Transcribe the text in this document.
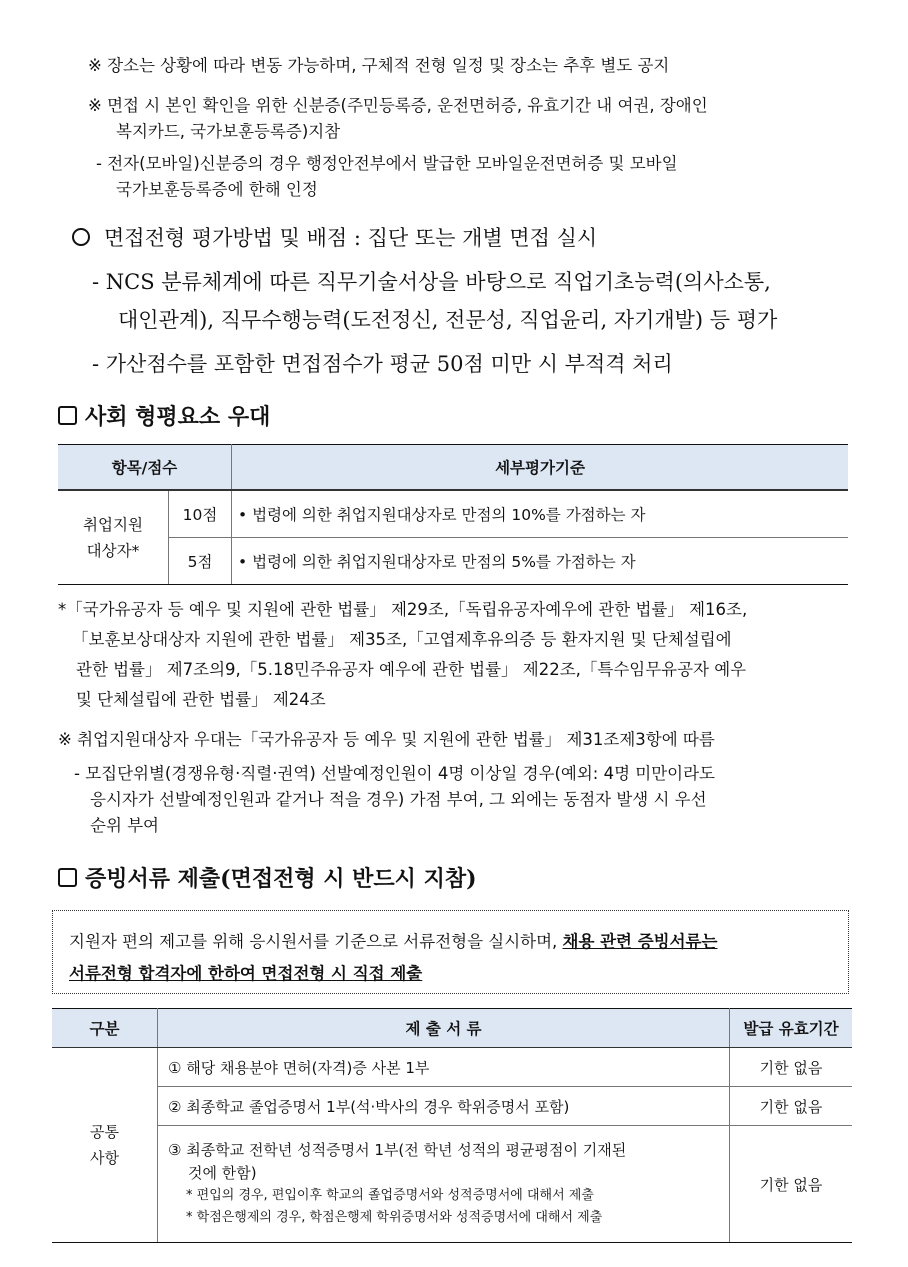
※ 장소는 상황에 따라 변동 가능하며, 구체적 전형 일정 및 장소는 추후 별도 공지
※ 면접 시 본인 확인을 위한 신분증(주민등록증, 운전면허증, 유효기간 내 여권, 장애인
복지카드, 국가보훈등록증)지참
- 전자(모바일)신분증의 경우 행정안전부에서 발급한 모바일운전면허증 및 모바일
국가보훈등록증에 한해 인정
면접전형 평가방법 및 배점 : 집단 또는 개별 면접 실시
- NCS 분류체계에 따른 직무기술서상을 바탕으로 직업기초능력(의사소통,
대인관계), 직무수행능력(도전정신, 전문성, 직업윤리, 자기개발) 등 평가
- 가산점수를 포함한 면접점수가 평균 50점 미만 시 부적격 처리
사회 형평요소 우대
항목/점수		세부평가기준
취업지원
대상자*	10점	• 법령에 의한 취업지원대상자로 만점의 10%를 가점하는 자
	5점	• 법령에 의한 취업지원대상자로 만점의 5%를 가점하는 자
*「국가유공자 등 예우 및 지원에 관한 법률」 제29조,「독립유공자예우에 관한 법률」 제16조,
「보훈보상대상자 지원에 관한 법률」 제35조,「고엽제후유의증 등 환자지원 및 단체설립에
관한 법률」 제7조의9,「5.18민주유공자 예우에 관한 법률」 제22조,「특수임무유공자 예우
및 단체설립에 관한 법률」 제24조
※ 취업지원대상자 우대는「국가유공자 등 예우 및 지원에 관한 법률」 제31조제3항에 따름
- 모집단위별(경쟁유형·직렬·권역) 선발예정인원이 4명 이상일 경우(예외: 4명 미만이라도
응시자가 선발예정인원과 같거나 적을 경우) 가점 부여, 그 외에는 동점자 발생 시 우선
순위 부여
증빙서류 제출(면접전형 시 반드시 지참)
지원자 편의 제고를 위해 응시원서를 기준으로 서류전형을 실시하며, 채용 관련 증빙서류는
서류전형 합격자에 한하여 면접전형 시 직접 제출
구분	제 출 서 류	발급 유효기간
공통
사항	① 해당 채용분야 면허(자격)증 사본 1부	기한 없음
	② 최종학교 졸업증명서 1부(석·박사의 경우 학위증명서 포함)	기한 없음

	③ 최종학교 전학년 성적증명서 1부(전 학년 성적의 평균평점이 기재된
것에 한함)
* 편입의 경우, 편입이후 학교의 졸업증명서와 성적증명서에 대해서 제출
* 학점은행제의 경우, 학점은행제 학위증명서와 성적증명서에 대해서 제출	기한 없음
